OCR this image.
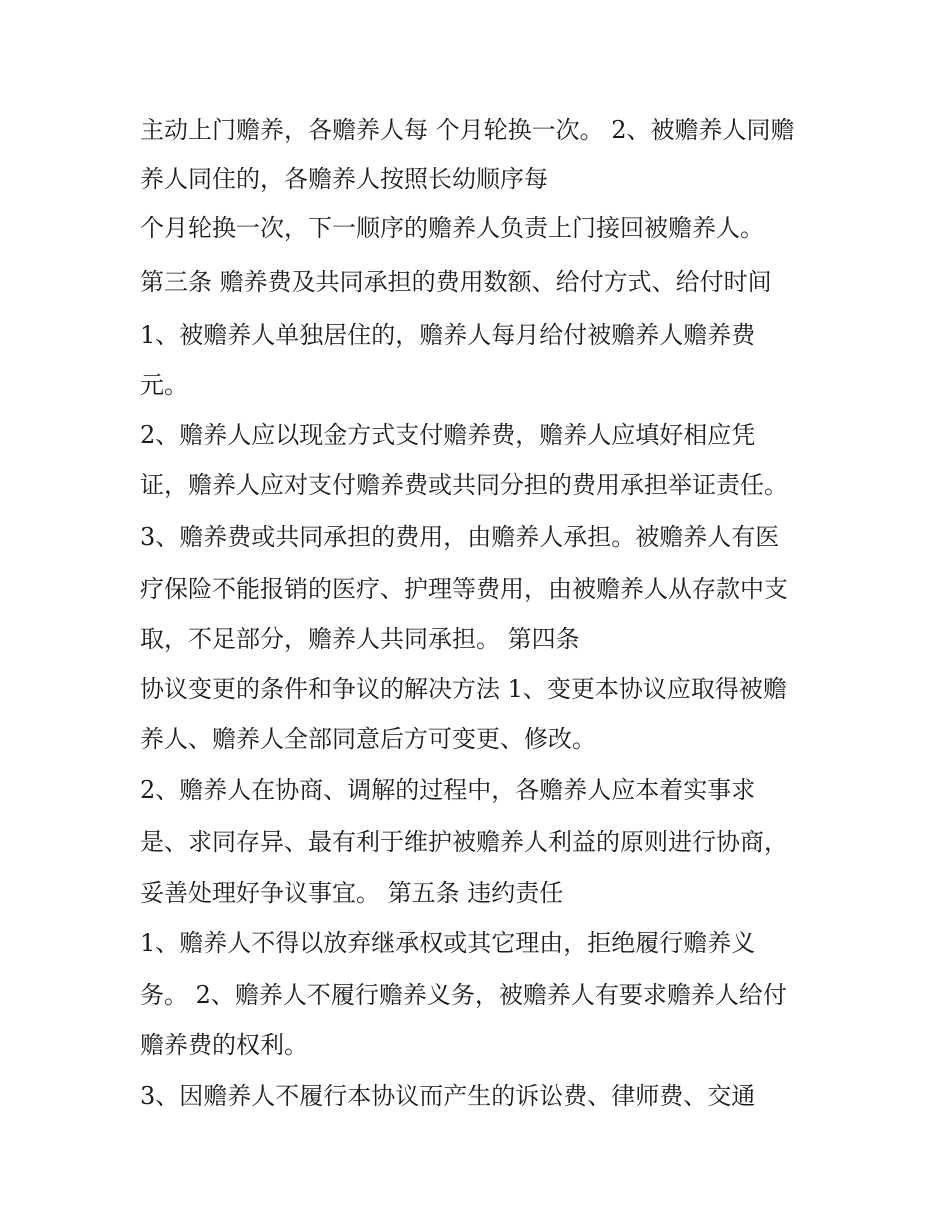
主动上门赡养，各赡养人每 个月轮换一次。 2、被赡养人同赡
养人同住的，各赡养人按照长幼顺序每
个月轮换一次，下一顺序的赡养人负责上门接回被赡养人。
第三条 赡养费及共同承担的费用数额、给付方式、给付时间
1、被赡养人单独居住的，赡养人每月给付被赡养人赡养费
元。
2、赡养人应以现金方式支付赡养费，赡养人应填好相应凭
证，赡养人应对支付赡养费或共同分担的费用承担举证责任。
3、赡养费或共同承担的费用，由赡养人承担。被赡养人有医
疗保险不能报销的医疗、护理等费用，由被赡养人从存款中支
取，不足部分，赡养人共同承担。 第四条
协议变更的条件和争议的解决方法 1、变更本协议应取得被赡
养人、赡养人全部同意后方可变更、修改。
2、赡养人在协商、调解的过程中，各赡养人应本着实事求
是、求同存异、最有利于维护被赡养人利益的原则进行协商，
妥善处理好争议事宜。 第五条 违约责任
1、赡养人不得以放弃继承权或其它理由，拒绝履行赡养义
务。 2、赡养人不履行赡养义务，被赡养人有要求赡养人给付
赡养费的权利。
3、因赡养人不履行本协议而产生的诉讼费、律师费、交通
